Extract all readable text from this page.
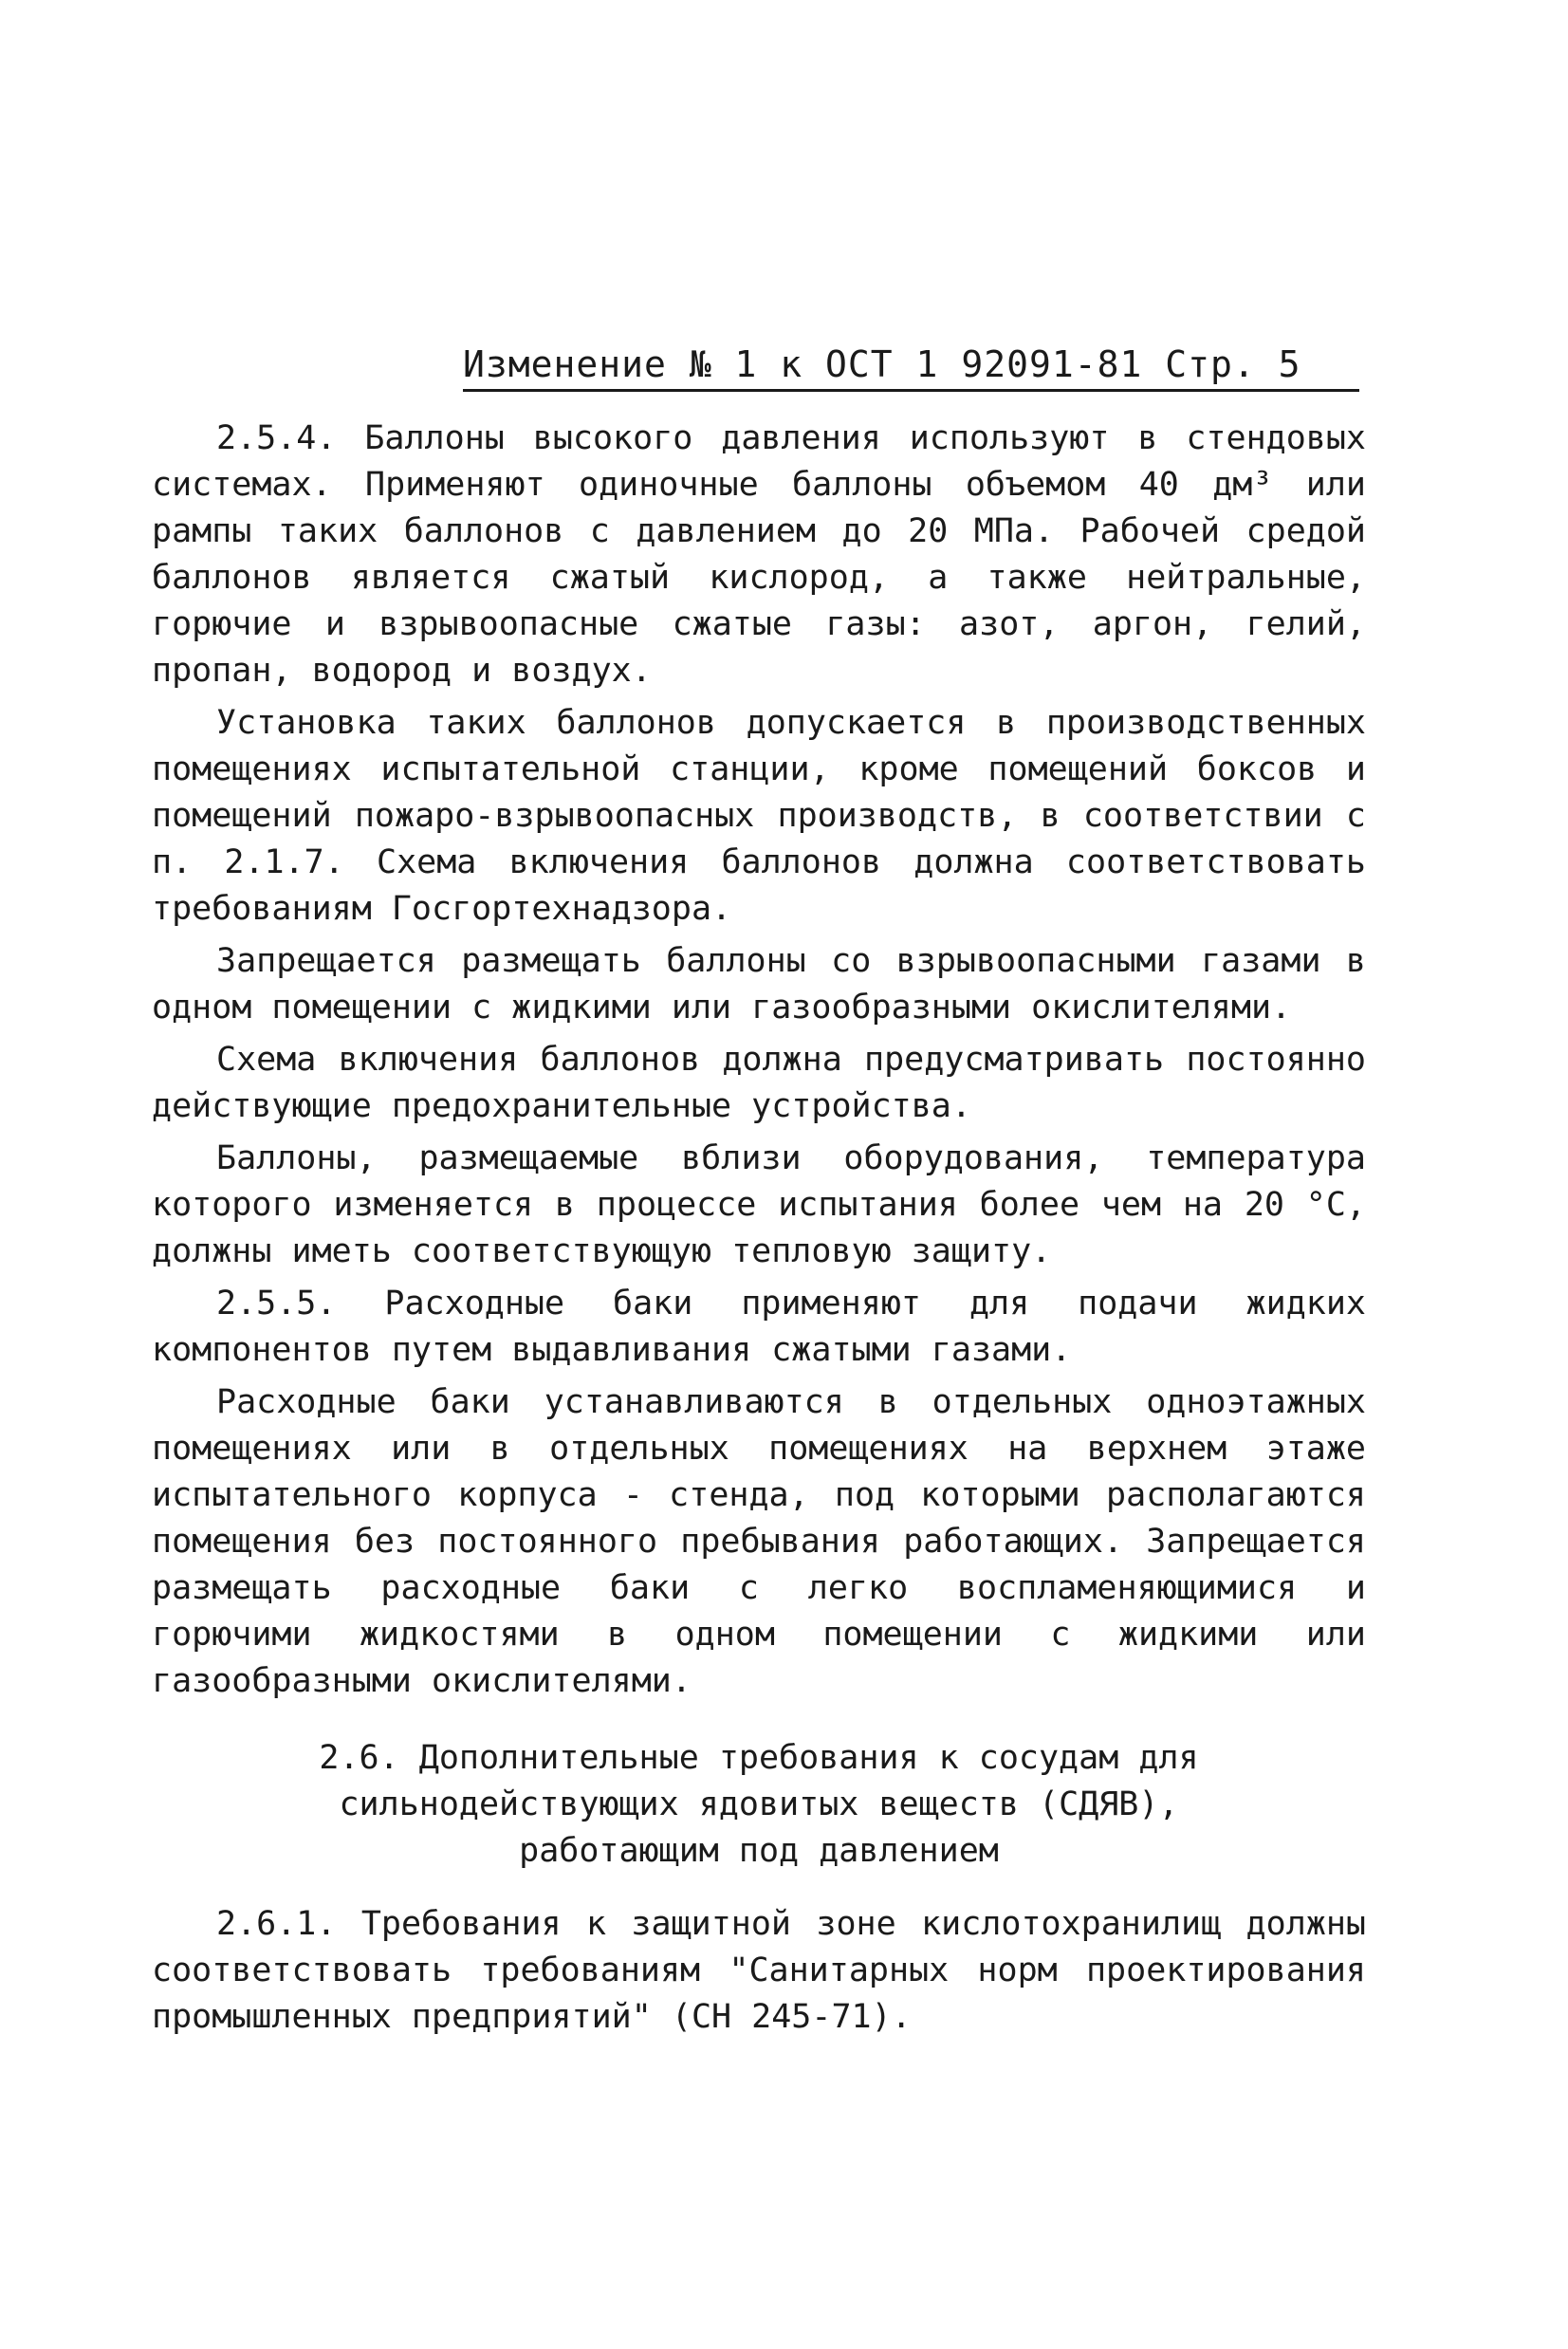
Изменение № 1 к ОСТ 1 92091-81 Стр. 5

2.5.4. Баллоны высокого давления используют в стендовых системах. Применяют одиночные баллоны объемом 40 дм³ или рампы таких баллонов с давлением до 20 МПа. Рабочей средой баллонов является сжатый кислород, а также нейтральные, горючие и взрывоопасные сжатые газы: азот, аргон, гелий, пропан, водород и воздух.

Установка таких баллонов допускается в производственных помещениях испытательной станции, кроме помещений боксов и помещений пожаро-взрывоопасных производств, в соответствии с п. 2.1.7. Схема включения баллонов должна соответствовать требованиям Госгортехнадзора.

Запрещается размещать баллоны со взрывоопасными газами в одном помещении с жидкими или газообразными окислителями.

Схема включения баллонов должна предусматривать постоянно действующие предохранительные устройства.

Баллоны, размещаемые вблизи оборудования, температура которого изменяется в процессе испытания более чем на 20 °С, должны иметь соответствующую тепловую защиту.

2.5.5. Расходные баки применяют для подачи жидких компонентов путем выдавливания сжатыми газами.

Расходные баки устанавливаются в отдельных одноэтажных помещениях или в отдельных помещениях на верхнем этаже испытательного корпуса - стенда, под которыми располагаются помещения без постоянного пребывания работающих. Запрещается размещать расходные баки с легко воспламеняющимися и горючими жидкостями в одном помещении с жидкими или газообразными окислителями.

2.6. Дополнительные требования к сосудам для
сильнодействующих ядовитых веществ (СДЯВ),
работающим под давлением

2.6.1. Требования к защитной зоне кислотохранилищ должны соответствовать требованиям "Санитарных норм проектирования промышленных предприятий" (СН 245-71).
